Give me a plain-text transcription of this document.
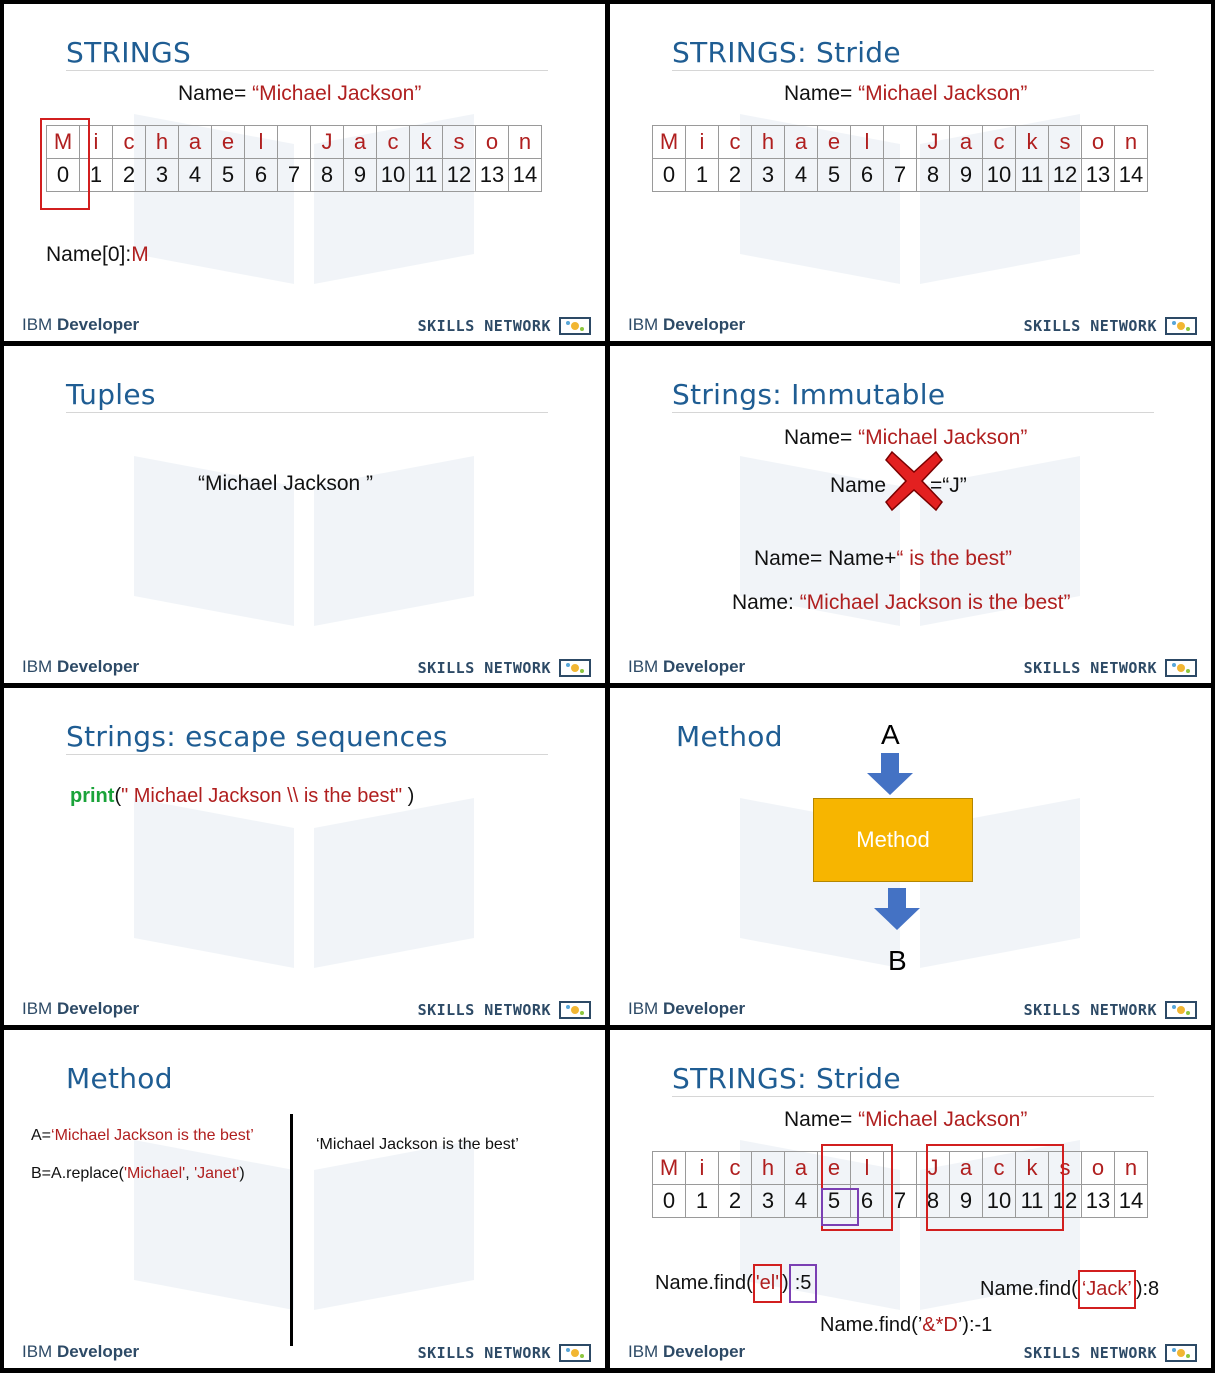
STRINGS
Name= “Michael Jackson”
M	i	c	h	a	e	l		J	a	c	k	s	o	n
0	1	2	3	4	5	6	7	8	9	10	11	12	13	14
Name[0]:M
IBM Developer	SKILLS NETWORK
STRINGS: Stride
Name= “Michael Jackson”
M	i	c	h	a	e	l		J	a	c	k	s	o	n
0	1	2	3	4	5	6	7	8	9	10	11	12	13	14
IBM Developer	SKILLS NETWORK
Tuples
“Michael Jackson ”
IBM Developer	SKILLS NETWORK
Strings: Immutable
Name= “Michael Jackson”
Name =“J”
Name= Name+“ is the best”
Name: “Michael Jackson is the best”
IBM Developer	SKILLS NETWORK
Strings: escape sequences
print(" Michael Jackson \\ is the best" )
IBM Developer	SKILLS NETWORK
Method	A
Method
B
IBM Developer	SKILLS NETWORK
Method
A=‘Michael Jackson is the best’
B=A.replace('Michael', 'Janet')
‘Michael Jackson is the best’
IBM Developer	SKILLS NETWORK
STRINGS: Stride
Name= “Michael Jackson”
M	i	c	h	a	e	l		J	a	c	k	s	o	n
0	1	2	3	4	5	6	7	8	9	10	11	12	13	14
Name.find( 'el' ) :5	Name.find( ‘Jack’ ):8
Name.find(’&*D’):-1
IBM Developer	SKILLS NETWORK
